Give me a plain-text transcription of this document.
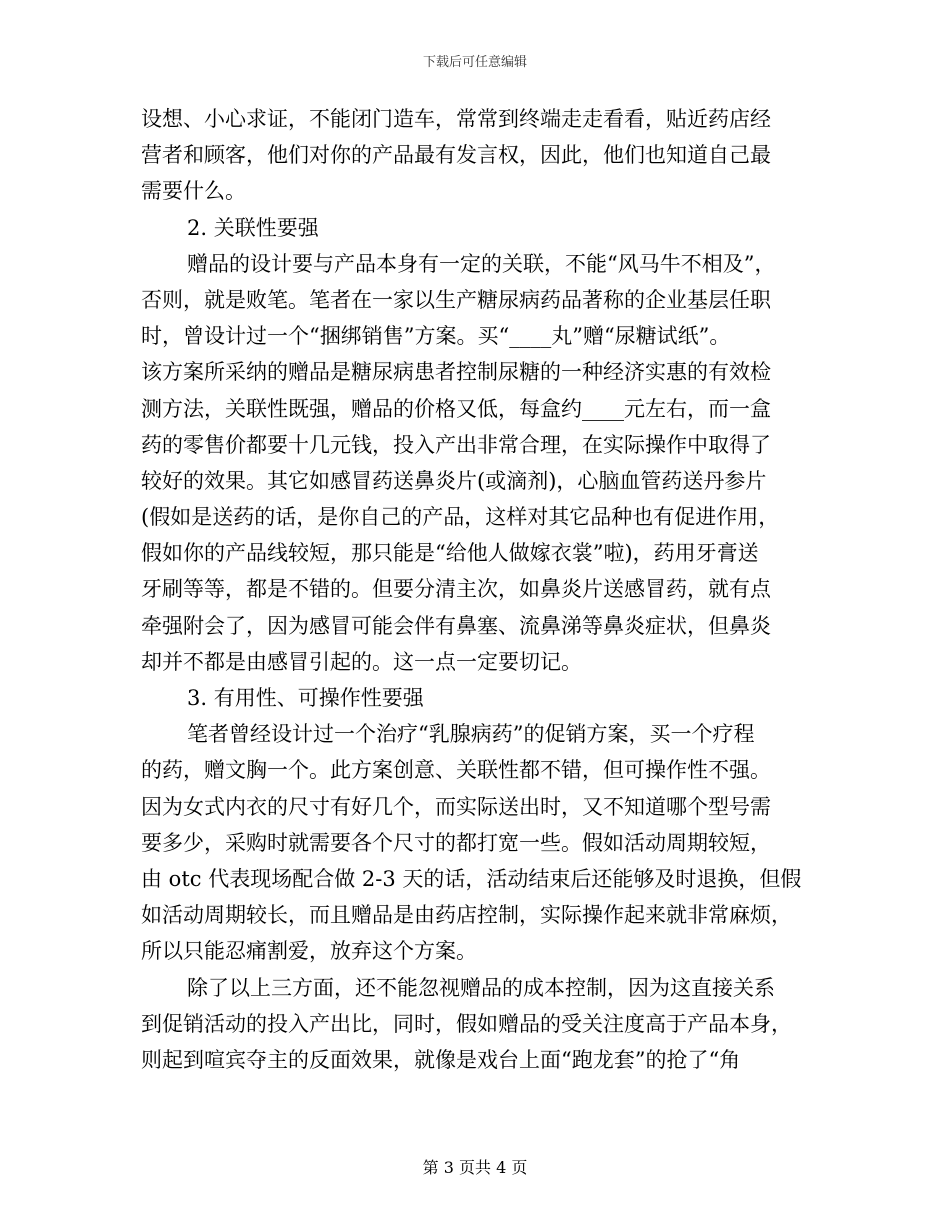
下载后可任意编辑
设想、小心求证，不能闭门造车，常常到终端走走看看，贴近药店经
营者和顾客，他们对你的产品最有发言权，因此，他们也知道自己最
需要什么。
2. 关联性要强
赠品的设计要与产品本身有一定的关联，不能“风马牛不相及”，
否则，就是败笔。笔者在一家以生产糖尿病药品著称的企业基层任职
时，曾设计过一个“捆绑销售”方案。买“____丸”赠“尿糖试纸”。
该方案所采纳的赠品是糖尿病患者控制尿糖的一种经济实惠的有效检
测方法，关联性既强，赠品的价格又低，每盒约____元左右，而一盒
药的零售价都要十几元钱，投入产出非常合理，在实际操作中取得了
较好的效果。其它如感冒药送鼻炎片(或滴剂)，心脑血管药送丹参片
(假如是送药的话，是你自己的产品，这样对其它品种也有促进作用，
假如你的产品线较短，那只能是“给他人做嫁衣裳”啦)，药用牙膏送
牙刷等等，都是不错的。但要分清主次，如鼻炎片送感冒药，就有点
牵强附会了，因为感冒可能会伴有鼻塞、流鼻涕等鼻炎症状，但鼻炎
却并不都是由感冒引起的。这一点一定要切记。
3. 有用性、可操作性要强
笔者曾经设计过一个治疗“乳腺病药”的促销方案，买一个疗程
的药，赠文胸一个。此方案创意、关联性都不错，但可操作性不强。
因为女式内衣的尺寸有好几个，而实际送出时，又不知道哪个型号需
要多少，采购时就需要各个尺寸的都打宽一些。假如活动周期较短，
由 otc 代表现场配合做 2-3 天的话，活动结束后还能够及时退换，但假
如活动周期较长，而且赠品是由药店控制，实际操作起来就非常麻烦，
所以只能忍痛割爱，放弃这个方案。
除了以上三方面，还不能忽视赠品的成本控制，因为这直接关系
到促销活动的投入产出比，同时，假如赠品的受关注度高于产品本身，
则起到喧宾夺主的反面效果，就像是戏台上面“跑龙套”的抢了“角
第 3 页共 4 页
